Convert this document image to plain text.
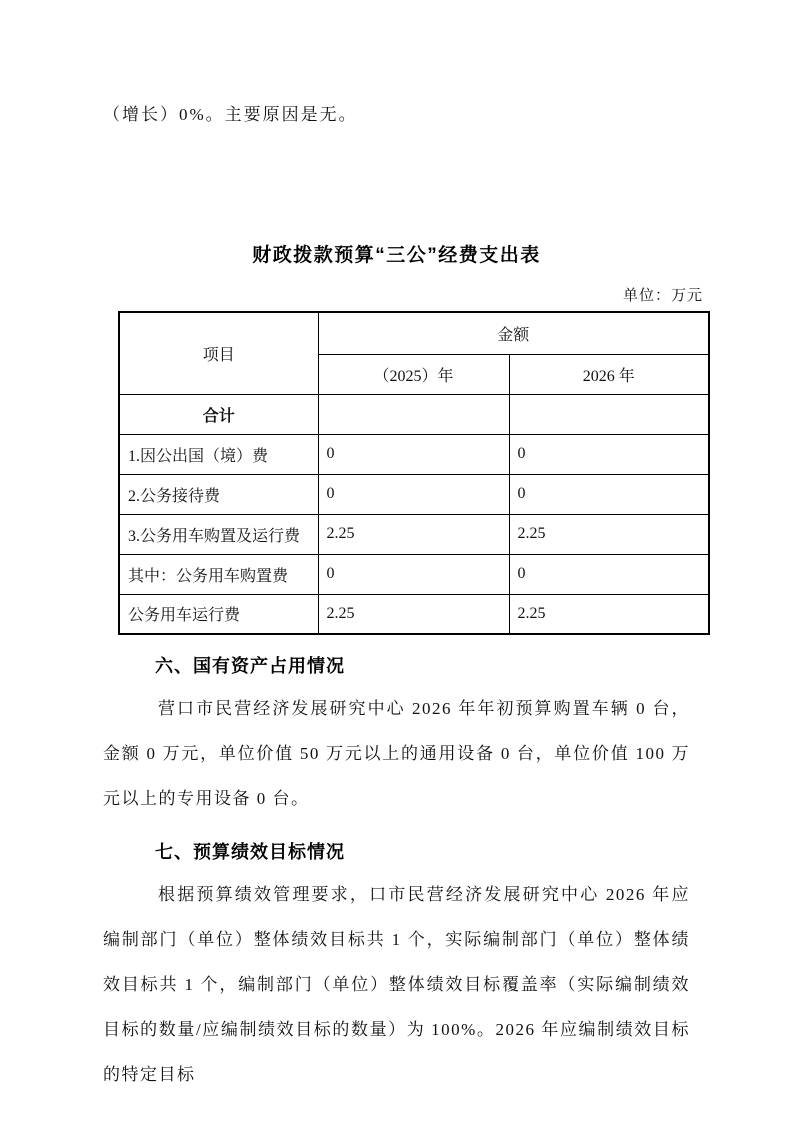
（增长）0%。主要原因是无。

财政拨款预算“三公”经费支出表
单位：万元
项目	金额	
	（2025）年	2026 年
合计		
1.因公出国（境）费	0	0
2.公务接待费	0	0
3.公务用车购置及运行费	2.25	2.25
其中：公务用车购置费	0	0
公务用车运行费	2.25	2.25
六、国有资产占用情况

营口市民营经济发展研究中心 2026 年年初预算购置车辆 0 台，金额 0 万元，单位价值 50 万元以上的通用设备 0 台，单位价值 100 万元以上的专用设备 0 台。

七、预算绩效目标情况

根据预算绩效管理要求，口市民营经济发展研究中心 2026 年应编制部门（单位）整体绩效目标共 1 个，实际编制部门（单位）整体绩效目标共 1 个，编制部门（单位）整体绩效目标覆盖率（实际编制绩效目标的数量/应编制绩效目标的数量）为 100%。2026 年应编制绩效目标的特定目标
